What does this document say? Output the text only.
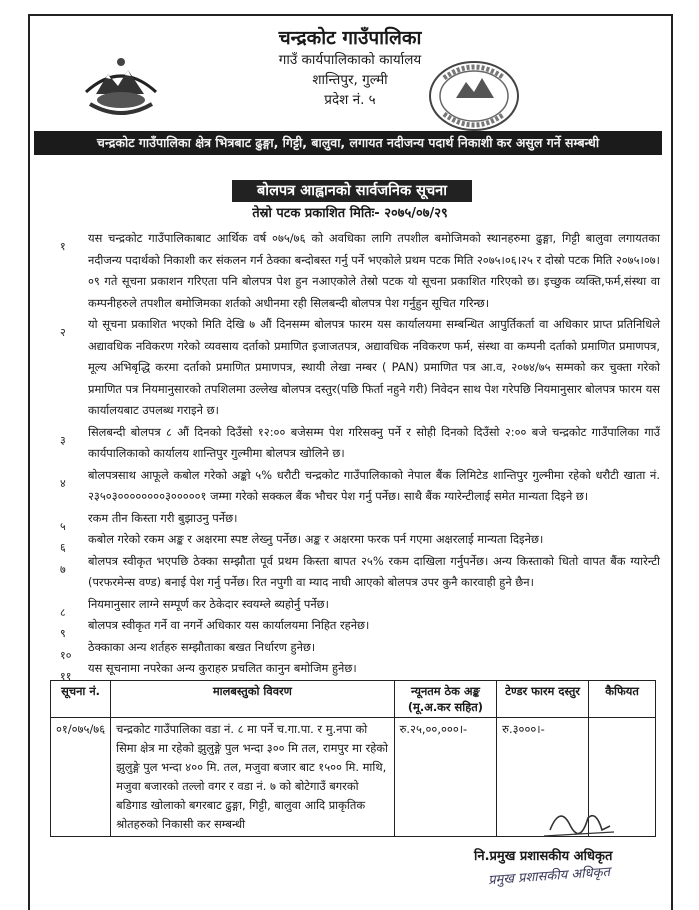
चन्द्रकोट गाउँपालिका
गाउँ कार्यपालिकाको कार्यालय
शान्तिपुर, गुल्मी
प्रदेश नं. ५
चन्द्रकोट गाउँपालिका क्षेत्र भित्रबाट ढुङ्गा, गिट्टी, बालुवा, लगायत नदीजन्य पदार्थ निकाशी कर असुल गर्ने सम्बन्धी
बोलपत्र आह्वानको सार्वजनिक सूचना
तेस्रो पटक प्रकाशित मितिः- २०७५/०७/२९
१
यस चन्द्रकोट गाउँपालिकाबाट आर्थिक वर्ष ०७५/७६ को अवधिका लागि तपशील बमोजिमको स्थानहरुमा ढुङ्गा, गिट्टी बालुवा लगायतका नदीजन्य पदार्थको निकाशी कर संकलन गर्न ठेक्का बन्दोबस्त गर्नु पर्ने भएकोले प्रथम पटक मिति २०७५।०६।२५ र दोस्रो पटक मिति २०७५।०७।०९ गते सूचना प्रकाशन गरिएता पनि बोलपत्र पेश हुन नआएकोले तेस्रो पटक यो सूचना प्रकाशित गरिएको छ। इच्छुक व्यक्ति,फर्म,संस्था वा कम्पनीहरुले तपशील बमोजिमका शर्तको अधीनमा रही सिलबन्दी बोलपत्र पेश गर्नुहुन सूचित गरिन्छ।
२
यो सूचना प्रकाशित भएको मिति देखि ७ औं दिनसम्म बोलपत्र फारम यस कार्यालयमा सम्बन्धित आपुर्तिकर्ता वा अधिकार प्राप्त प्रतिनिधिले अद्यावधिक नविकरण गरेको व्यवसाय दर्ताको प्रमाणित इजाजतपत्र, अद्यावधिक नविकरण फर्म, संस्था वा कम्पनी दर्ताको प्रमाणित प्रमाणपत्र, मूल्य अभिबृद्धि करमा दर्ताको प्रमाणित प्रमाणपत्र, स्थायी लेखा नम्बर ( PAN) प्रमाणित पत्र आ.व, २०७४/७५ सम्मको कर चुक्ता गरेको प्रमाणित पत्र नियमानुसारको तपशिलमा उल्लेख बोलपत्र दस्तुर(पछि फिर्ता नहुने गरी) निवेदन साथ पेश गरेपछि नियमानुसार बोलपत्र फारम यस कार्यालयबाट उपलब्ध गराइने छ।
३
सिलबन्दी बोलपत्र ८ औं दिनको दिउँसो १२:०० बजेसम्म पेश गरिसक्नु पर्ने र सोही दिनको दिउँसो २:०० बजे चन्द्रकोट गाउँपालिका गाउँ कार्यपालिकाको कार्यालय शान्तिपुर गुल्मीमा बोलपत्र खोलिने छ।
४
बोलपत्रसाथ आफूले कबोल गरेको अङ्को ५% धरौटी चन्द्रकोट गाउँपालिकाको नेपाल बैंक लिमिटेड शान्तिपुर गुल्मीमा रहेको धरौटी खाता नं. २३५०३००००००००३०००००१ जम्मा गरेको सक्कल बैंक भौचर पेश गर्नु पर्नेछ। साथै बैंक ग्यारेन्टीलाई समेत मान्यता दिइने छ।
५
रकम तीन किस्ता गरी बुझाउनु पर्नेछ।
६
कबोल गरेको रकम अङ्क र अक्षरमा स्पष्ट लेख्नु पर्नेछ। अङ्क र अक्षरमा फरक पर्न गएमा अक्षरलाई मान्यता दिइनेछ।
७
बोलपत्र स्वीकृत भएपछि ठेक्का सम्झौता पूर्व प्रथम किस्ता बापत २५% रकम दाखिला गर्नुपर्नेछ। अन्य किस्ताको धितो वापत बैंक ग्यारेन्टी (परफरमेन्स वण्ड) बनाई पेश गर्नु पर्नेछ। रित नपुगी वा म्याद नाघी आएको बोलपत्र उपर कुनै कारवाही हुने छैन।
८
नियमानुसार लाग्ने सम्पूर्ण कर ठेकेदार स्वयम्ले ब्यहोर्नु पर्नेछ।
९
बोलपत्र स्वीकृत गर्ने वा नगर्ने अधिकार यस कार्यालयमा निहित रहनेछ।
१०
ठेक्काका अन्य शर्तहरु सम्झौताका बखत निर्धारण हुनेछ।
११
यस सूचनामा नपरेका अन्य कुराहरु प्रचलित कानुन बमोजिम हुनेछ।
सूचना नं.	मालबस्तुको विवरण	न्यूनतम ठेक अङ्क (मू.अ.कर सहित)	टेण्डर फारम दस्तुर	कैफियत
०१/०७५/७६	चन्द्रकोट गाउँपालिका वडा नं. ८ मा पर्ने च.गा.पा. र मु.नपा को सिमा क्षेत्र मा रहेको झुलुङ्गे पुल भन्दा ३०० मि तल, रामपुर मा रहेको झुलुङ्गे पुल भन्दा ४०० मि. तल, मजुवा बजार बाट १५०० मि. माथि, मजुवा बजारको तल्लो वगर र वडा नं. ७ को बोटेगाउँ बगरको बडिगाड खोलाको बगरबाट ढुङ्गा, गिट्टी, बालुवा आदि प्राकृतिक श्रोतहरुको निकासी कर सम्बन्धी	रु.२५,००,०००।-	रु.३०००।-	
नि.प्रमुख प्रशासकीय अधिकृत
प्रमुख प्रशासकीय अधिकृत
